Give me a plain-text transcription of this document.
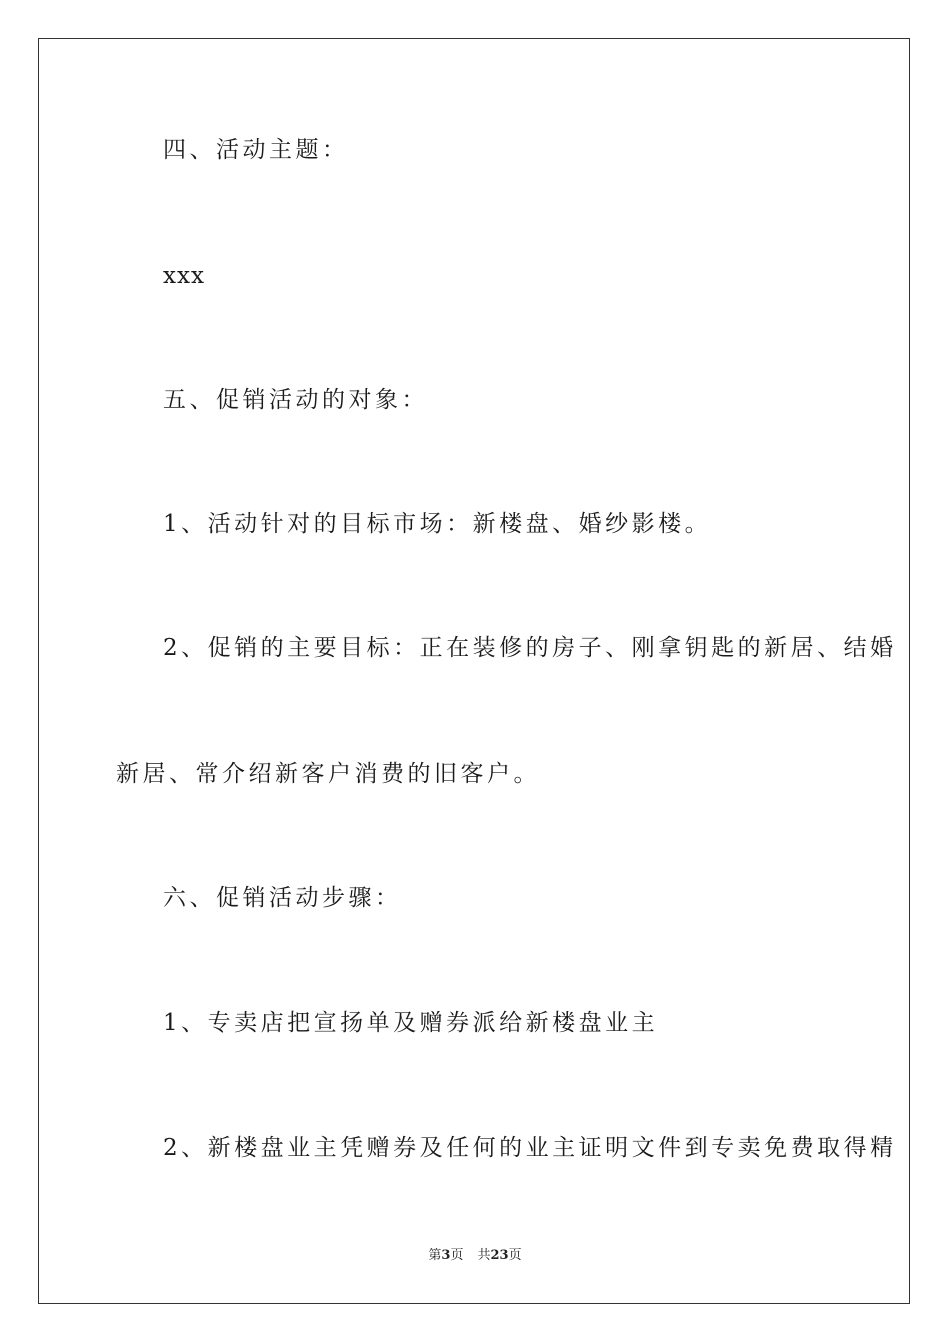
四、活动主题：
xxx
五、促销活动的对象：
1、活动针对的目标市场：新楼盘、婚纱影楼。
2、促销的主要目标：正在装修的房子、刚拿钥匙的新居、结婚
新居、常介绍新客户消费的旧客户。
六、促销活动步骤：
1、专卖店把宣扬单及赠券派给新楼盘业主
2、新楼盘业主凭赠券及任何的业主证明文件到专卖免费取得精
第3页 共23页
